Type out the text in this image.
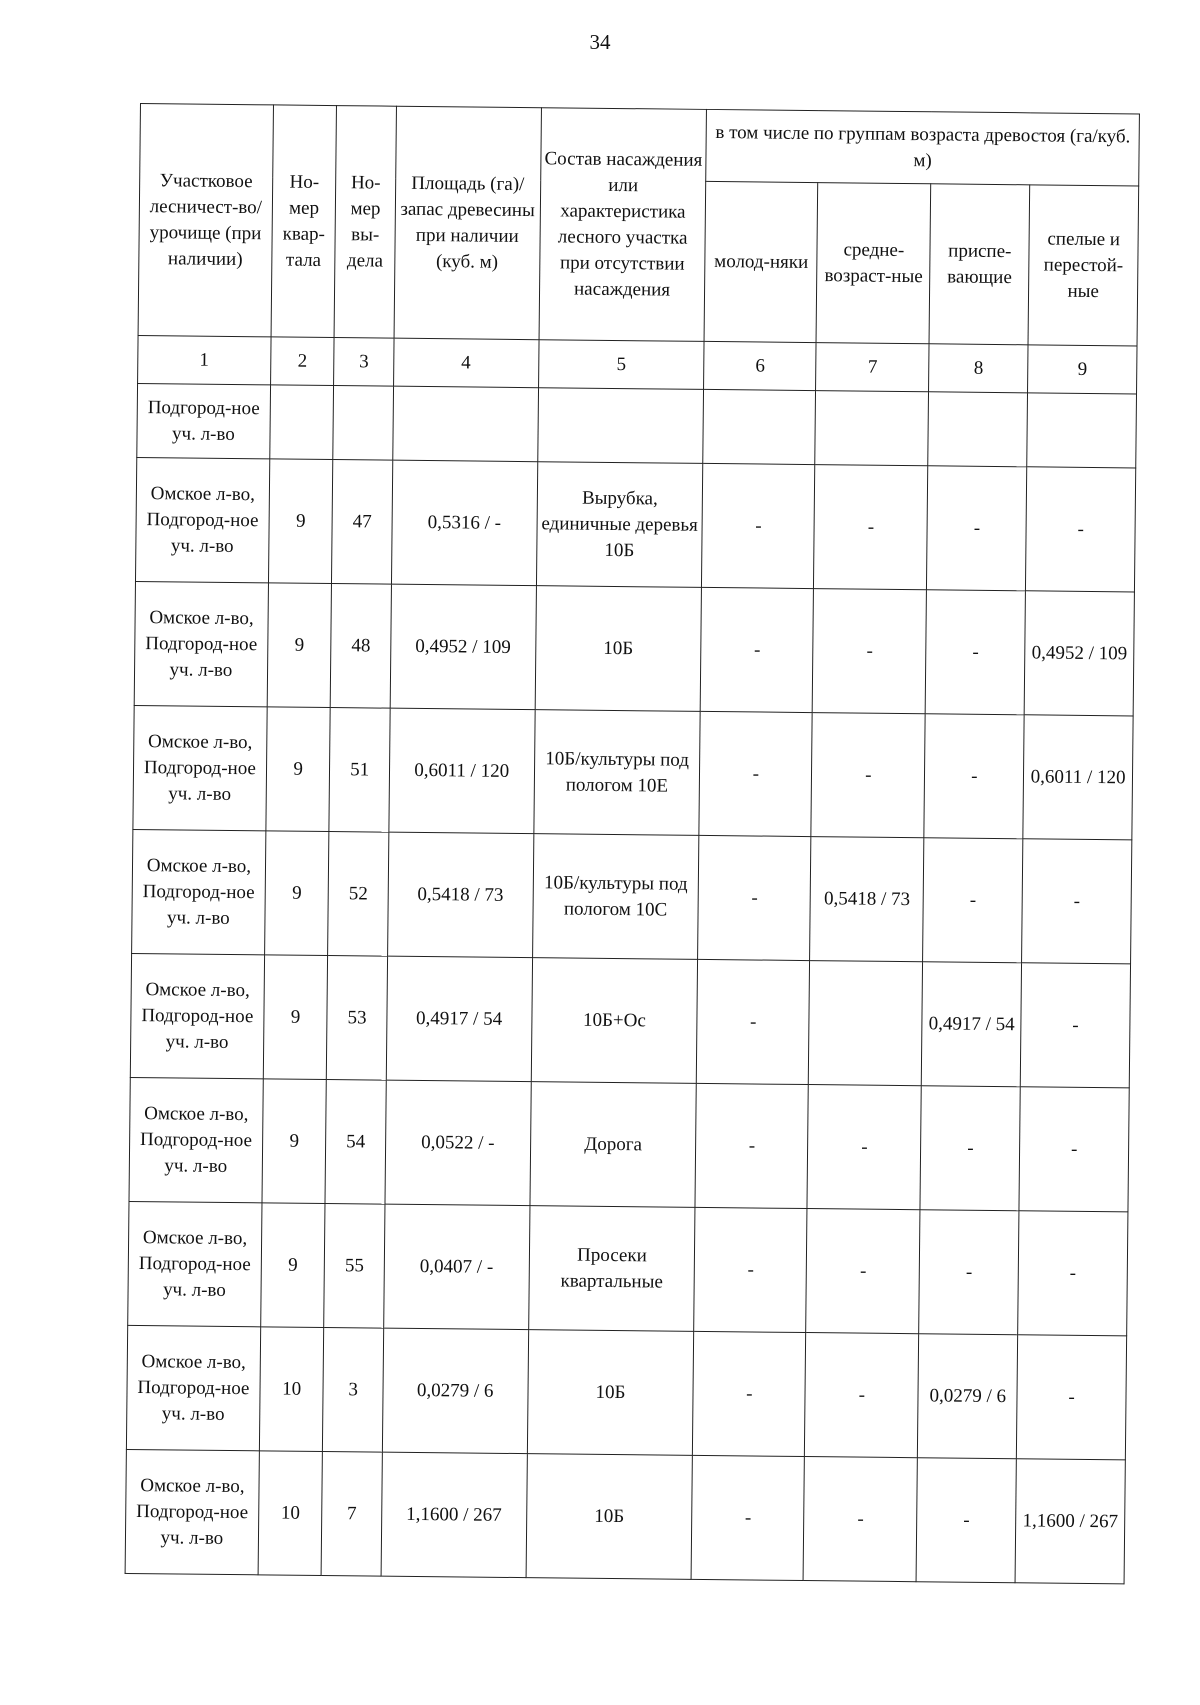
34
Участковое лесничест-во/урочище (при наличии)	Но-мер квар-тала	Но-мер вы-дела	Площадь (га)/запас древесины при наличии (куб. м)	Состав насаждения или характеристика лесного участка при отсутствии насаждения	в том числе по группам возраста древостоя (га/куб. м)			
					молод-няки	средне-возраст-ные	приспе-вающие	спелые и перестой-ные
1	2	3	4	5	6	7	8	9
Подгород-ное уч. л-во								
Омское л-во, Подгород-ное уч. л-во	9	47	0,5316 / -	Вырубка, единичные деревья 10Б	-	-	-	-
Омское л-во, Подгород-ное уч. л-во	9	48	0,4952 / 109	10Б	-	-	-	0,4952 / 109
Омское л-во, Подгород-ное уч. л-во	9	51	0,6011 / 120	10Б/культуры под пологом 10Е	-	-	-	0,6011 / 120
Омское л-во, Подгород-ное уч. л-во	9	52	0,5418 / 73	10Б/культуры под пологом 10С	-	0,5418 / 73	-	-
Омское л-во, Подгород-ное уч. л-во	9	53	0,4917 / 54	10Б+Ос	-		0,4917 / 54	-
Омское л-во, Подгород-ное уч. л-во	9	54	0,0522 / -	Дорога	-	-	-	-
Омское л-во, Подгород-ное уч. л-во	9	55	0,0407 / -	Просеки квартальные	-	-	-	-
Омское л-во, Подгород-ное уч. л-во	10	3	0,0279 / 6	10Б	-	-	0,0279 / 6	-
Омское л-во, Подгород-ное уч. л-во	10	7	1,1600 / 267	10Б	-	-	-	1,1600 / 267
